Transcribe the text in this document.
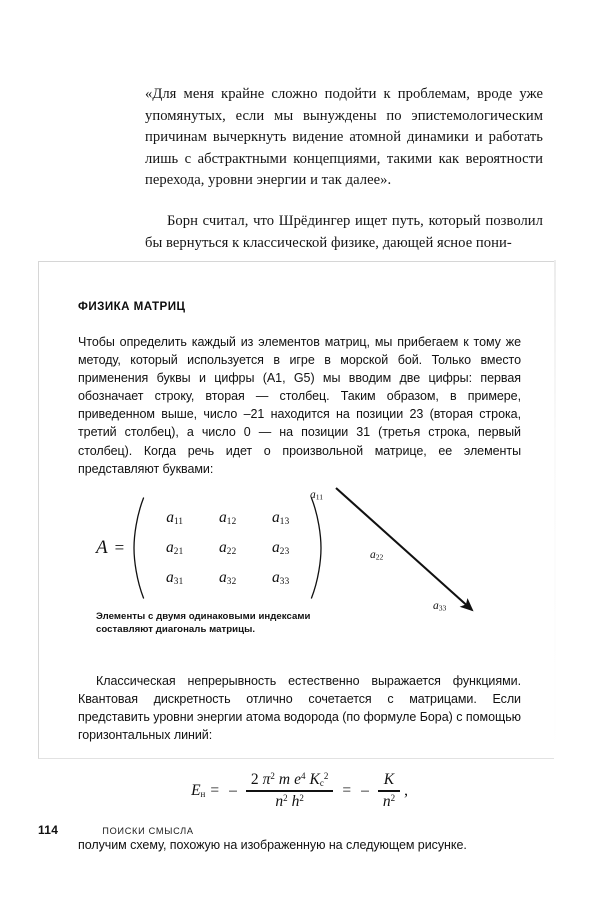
«Для меня крайне сложно подойти к проблемам, вроде уже упомянутых, если мы вынуждены по эпистемологическим причинам вычеркнуть видение атомной динамики и работать лишь с абстрактными концепциями, такими как вероятности перехода, уровни энергии и так далее».

Борн считал, что Шрёдингер ищет путь, который позволил бы вернуться к классической физике, дающей ясное пони-

ФИЗИКА МАТРИЦ

Чтобы определить каждый из элементов матриц, мы прибегаем к тому же методу, который используется в игре в морской бой. Только вместо применения буквы и цифры (A1, G5) мы вводим две цифры: первая обозначает строку, вторая — столбец. Таким образом, в примере, приведенном выше, число –21 находится на позиции 23 (вторая строка, третий столбец), а число 0 — на позиции 31 (третья строка, первый столбец). Когда речь идет о произвольной матрице, ее элементы представляют буквами:

A =
$a_{11}$ $a_{12}$ $a_{13}$
$a_{21}$ $a_{22}$ $a_{23}$
$a_{31}$ $a_{32}$ $a_{33}$
Элементы с двумя одинаковыми индексами составляют диагональ матрицы.
$a_{11}$
$a_{22}$
$a_{33}$

Классическая непрерывность естественно выражается функциями. Квантовая дискретность отлично сочетается с матрицами. Если представить уровни энергии атома водорода (по формуле Бора) с помощью горизонтальных линий:

$E_н$ = – $\frac{2 \pi^2 m e^4 K_c^2}{n^2 h^2}$ = – $\frac{K}{n^2}$ ,

получим схему, похожую на изображенную на следующем рисунке.

114	ПОИСКИ СМЫСЛА
